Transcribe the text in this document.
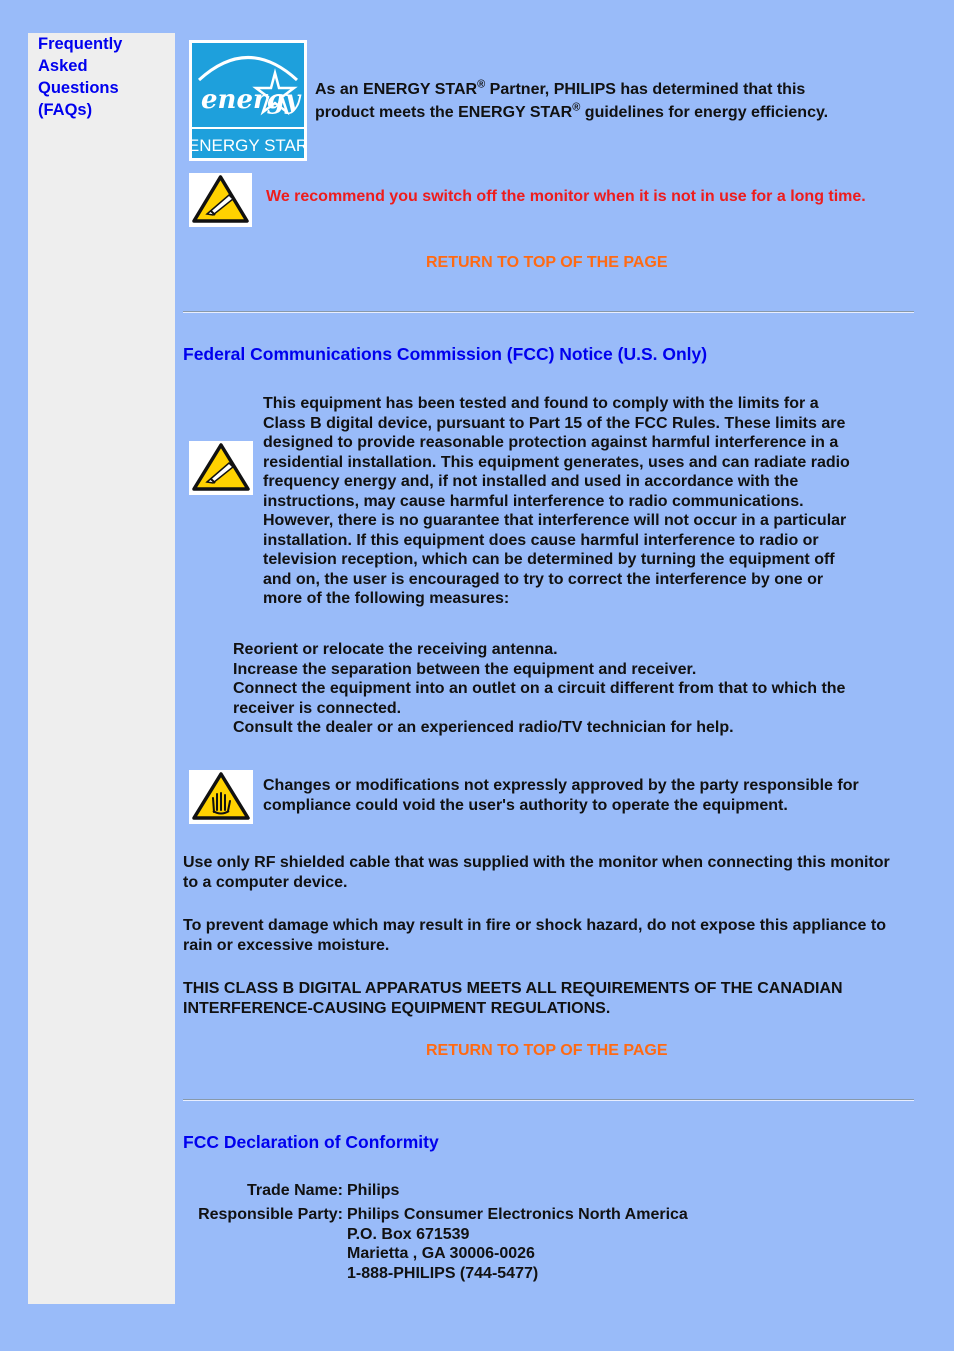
Frequently Asked Questions (FAQs)	energy
ENERGY STAR
As an ENERGY STAR® Partner, PHILIPS has determined that this
product meets the ENERGY STAR® guidelines for energy efficiency.
We recommend you switch off the monitor when it is not in use for a long time.
RETURN TO TOP OF THE PAGE
Federal Communications Commission (FCC) Notice (U.S. Only)
This equipment has been tested and found to comply with the limits for a
Class B digital device, pursuant to Part 15 of the FCC Rules. These limits are
designed to provide reasonable protection against harmful interference in a
residential installation. This equipment generates, uses and can radiate radio
frequency energy and, if not installed and used in accordance with the
instructions, may cause harmful interference to radio communications.
However, there is no guarantee that interference will not occur in a particular
installation. If this equipment does cause harmful interference to radio or
television reception, which can be determined by turning the equipment off
and on, the user is encouraged to try to correct the interference by one or
more of the following measures:
Reorient or relocate the receiving antenna.
Increase the separation between the equipment and receiver.
Connect the equipment into an outlet on a circuit different from that to which the
receiver is connected.
Consult the dealer or an experienced radio/TV technician for help.
Changes or modifications not expressly approved by the party responsible for
compliance could void the user's authority to operate the equipment.
Use only RF shielded cable that was supplied with the monitor when connecting this monitor
to a computer device.
To prevent damage which may result in fire or shock hazard, do not expose this appliance to
rain or excessive moisture.
THIS CLASS B DIGITAL APPARATUS MEETS ALL REQUIREMENTS OF THE CANADIAN
INTERFERENCE-CAUSING EQUIPMENT REGULATIONS.
RETURN TO TOP OF THE PAGE
FCC Declaration of Conformity
Trade Name: Philips
Responsible Party: Philips Consumer Electronics North America
P.O. Box 671539
Marietta , GA 30006-0026
1-888-PHILIPS (744-5477)
